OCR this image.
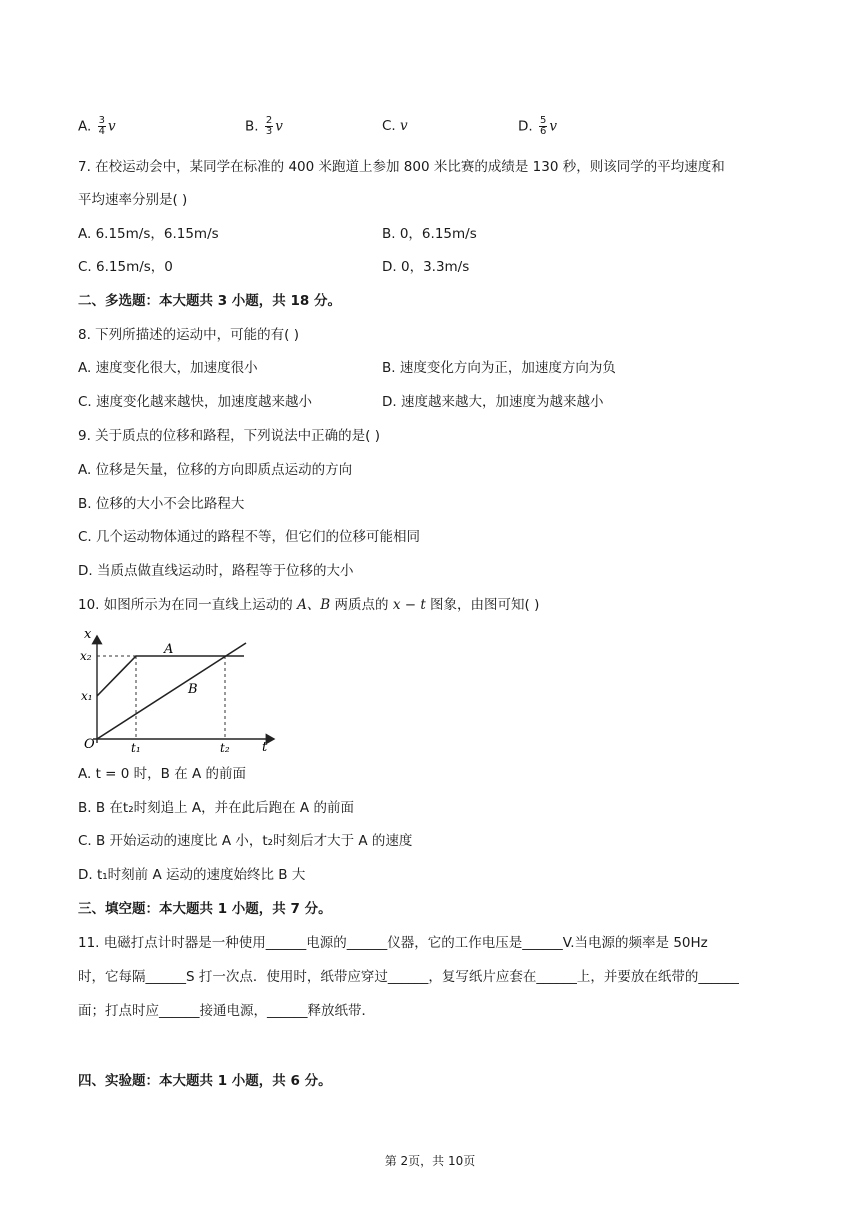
A. $\frac{3}{4}$ v	B. $\frac{2}{3}$ v	C. v	D. $\frac{5}{6}$ v
7. 在校运动会中，某同学在标准的 400 米跑道上参加 800 米比赛的成绩是 130 秒，则该同学的平均速度和
平均速率分别是( )
A. 6.15m/s，6.15m/s	B. 0，6.15m/s
C. 6.15m/s，0	D. 0，3.3m/s
二、多选题：本大题共 3 小题，共 18 分。
8. 下列所描述的运动中，可能的有( )
A. 速度变化很大，加速度很小	B. 速度变化方向为正，加速度方向为负
C. 速度变化越来越快，加速度越来越小	D. 速度越来越大，加速度为越来越小
9. 关于质点的位移和路程，下列说法中正确的是( )
A. 位移是矢量，位移的方向即质点运动的方向
B. 位移的大小不会比路程大
C. 几个运动物体通过的路程不等，但它们的位移可能相同
D. 当质点做直线运动时，路程等于位移的大小
10. 如图所示为在同一直线上运动的 A、B 两质点的 x − t 图象，由图可知( )
x
x₂
x₁
O	t₁	t₂ t
A
B
A. t = 0 时，B 在 A 的前面
B. B 在t₂时刻追上 A，并在此后跑在 A 的前面
C. B 开始运动的速度比 A 小，t₂时刻后才大于 A 的速度
D. t₁时刻前 A 运动的速度始终比 B 大
三、填空题：本大题共 1 小题，共 7 分。
11. 电磁打点计时器是一种使用______电源的______仪器，它的工作电压是______V.当电源的频率是 50Hz
时，它每隔______S 打一次点．使用时，纸带应穿过______，复写纸片应套在______上，并要放在纸带的______
面；打点时应______接通电源，______释放纸带．
四、实验题：本大题共 1 小题，共 6 分。
第 2页，共 10页
